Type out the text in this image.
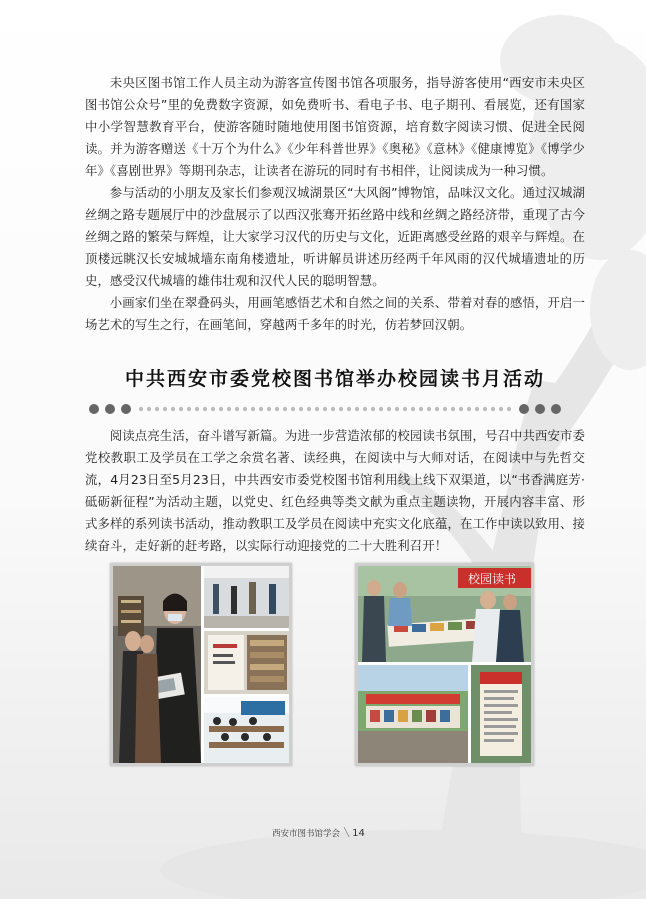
未央区图书馆工作人员主动为游客宣传图书馆各项服务，指导游客使用“西安市未央区图书馆公众号”里的免费数字资源，如免费听书、看电子书、电子期刊、看展览，还有国家中小学智慧教育平台，使游客随时随地使用图书馆资源，培育数字阅读习惯、促进全民阅读。并为游客赠送《十万个为什么》《少年科普世界》《奥秘》《意林》《健康博览》《博学少年》《喜剧世界》等期刊杂志，让读者在游玩的同时有书相伴，让阅读成为一种习惯。

参与活动的小朋友及家长们参观汉城湖景区“大风阁”博物馆，品味汉文化。通过汉城湖丝绸之路专题展厅中的沙盘展示了以西汉张骞开拓丝路中线和丝绸之路经济带，重现了古今丝绸之路的繁荣与辉煌，让大家学习汉代的历史与文化，近距离感受丝路的艰辛与辉煌。在顶楼远眺汉长安城城墙东南角楼遗址，听讲解员讲述历经两千年风雨的汉代城墙遗址的历史，感受汉代城墙的雄伟壮观和汉代人民的聪明智慧。

小画家们坐在翠叠码头，用画笔感悟艺术和自然之间的关系、带着对春的感悟，开启一场艺术的写生之行，在画笔间，穿越两千多年的时光，仿若梦回汉朝。

中共西安市委党校图书馆举办校园读书月活动

阅读点亮生活，奋斗谱写新篇。为进一步营造浓郁的校园读书氛围，号召中共西安市委党校教职工及学员在工学之余赏名著、读经典，在阅读中与大师对话，在阅读中与先哲交流，4月23日至5月23日，中共西安市委党校图书馆利用线上线下双渠道，以“书香满庭芳·砥砺新征程”为活动主题，以党史、红色经典等类文献为重点主题读物，开展内容丰富、形式多样的系列读书活动，推动教职工及学员在阅读中充实文化底蕴，在工作中读以致用、接续奋斗，走好新的赶考路，以实际行动迎接党的二十大胜利召开！

校园读书
西安市图书馆学会 ╲ 14
